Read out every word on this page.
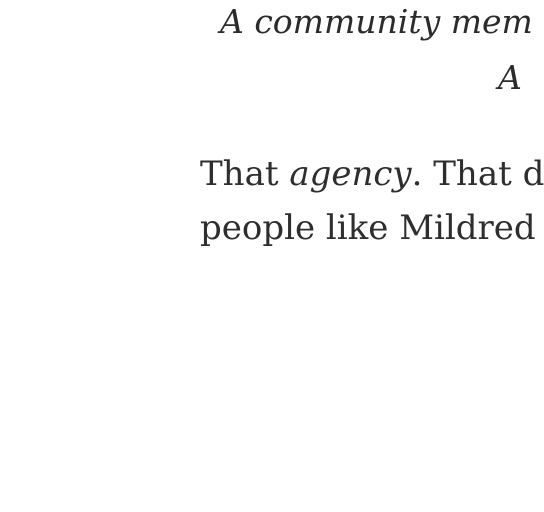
A community mem

A

That agency. That d

people like Mildred
